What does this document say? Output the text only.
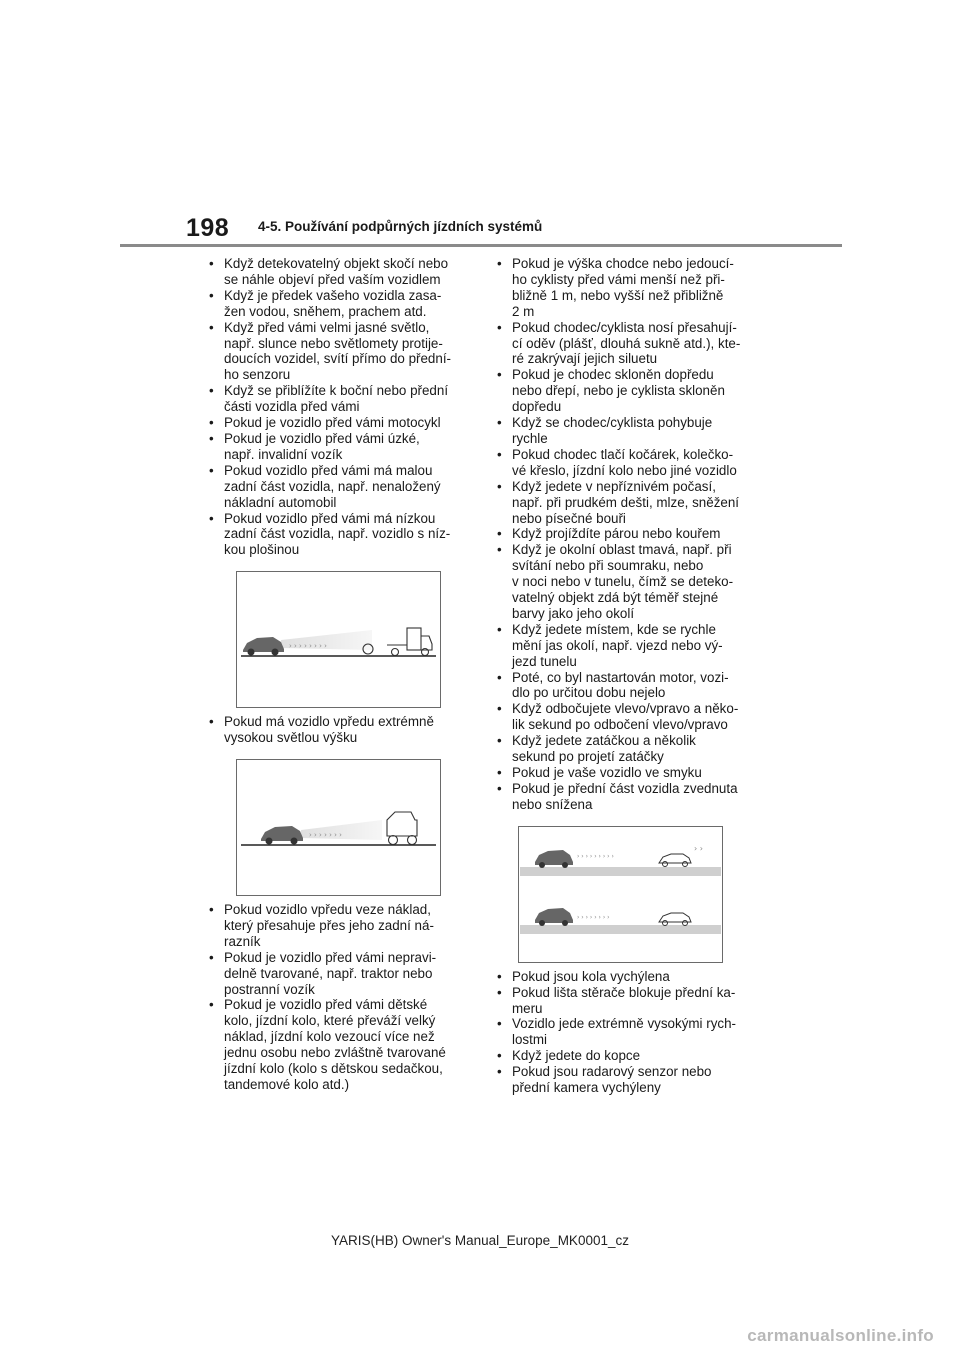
198 4-5. Používání podpůrných jízdních systémů
• Když detekovatelný objekt skočí nebo
se náhle objeví před vaším vozidlem
• Když je předek vašeho vozidla zasa-
žen vodou, sněhem, prachem atd.
• Když před vámi velmi jasné světlo,
např. slunce nebo světlomety protije-
doucích vozidel, svítí přímo do přední-
ho senzoru
• Když se přiblížíte k boční nebo přední
části vozidla před vámi
• Pokud je vozidlo před vámi motocykl
• Pokud je vozidlo před vámi úzké,
např. invalidní vozík
• Pokud vozidlo před vámi má malou
zadní část vozidla, např. nenaložený
nákladní automobil
• Pokud vozidlo před vámi má nízkou
zadní část vozidla, např. vozidlo s níz-
kou plošinou
› › › › › › › ›
• Pokud má vozidlo vpředu extrémně
vysokou světlou výšku
› › › › › › ›
• Pokud vozidlo vpředu veze náklad,
který přesahuje přes jeho zadní ná-
razník
• Pokud je vozidlo před vámi nepravi-
delně tvarované, např. traktor nebo
postranní vozík
• Pokud je vozidlo před vámi dětské
kolo, jízdní kolo, které převáží velký
náklad, jízdní kolo vezoucí více než
jednu osobu nebo zvláštně tvarované
jízdní kolo (kolo s dětskou sedačkou,
tandemové kolo atd.)
• Pokud je výška chodce nebo jedoucí-
ho cyklisty před vámi menší než při-
bližně 1 m, nebo vyšší než přibližně
2 m
• Pokud chodec/cyklista nosí přesahují-
cí oděv (plášť, dlouhá sukně atd.), kte-
ré zakrývají jejich siluetu
• Pokud je chodec skloněn dopředu
nebo dřepí, nebo je cyklista skloněn
dopředu
• Když se chodec/cyklista pohybuje
rychle
• Pokud chodec tlačí kočárek, kolečko-
vé křeslo, jízdní kolo nebo jiné vozidlo
• Když jedete v nepříznivém počasí,
např. při prudkém dešti, mlze, sněžení
nebo písečné bouři
• Když projíždíte párou nebo kouřem
• Když je okolní oblast tmavá, např. při
svítání nebo při soumraku, nebo
v noci nebo v tunelu, čímž se deteko-
vatelný objekt zdá být téměř stejné
barvy jako jeho okolí
• Když jedete místem, kde se rychle
mění jas okolí, např. vjezd nebo vý-
jezd tunelu
• Poté, co byl nastartován motor, vozi-
dlo po určitou dobu nejelo
• Když odbočujete vlevo/vpravo a něko-
lik sekund po odbočení vlevo/vpravo
• Když jedete zatáčkou a několik
sekund po projetí zatáčky
• Pokud je vaše vozidlo ve smyku
• Pokud je přední část vozidla zvednuta
nebo snížena
› › › › › › › › ›
› › › › › › › ›
› ›
• Pokud jsou kola vychýlena
• Pokud lišta stěrače blokuje přední ka-
meru
• Vozidlo jede extrémně vysokými rych-
lostmi
• Když jedete do kopce
• Pokud jsou radarový senzor nebo
přední kamera vychýleny
YARIS(HB) Owner's Manual_Europe_MK0001_cz
carmanualsonline.info
